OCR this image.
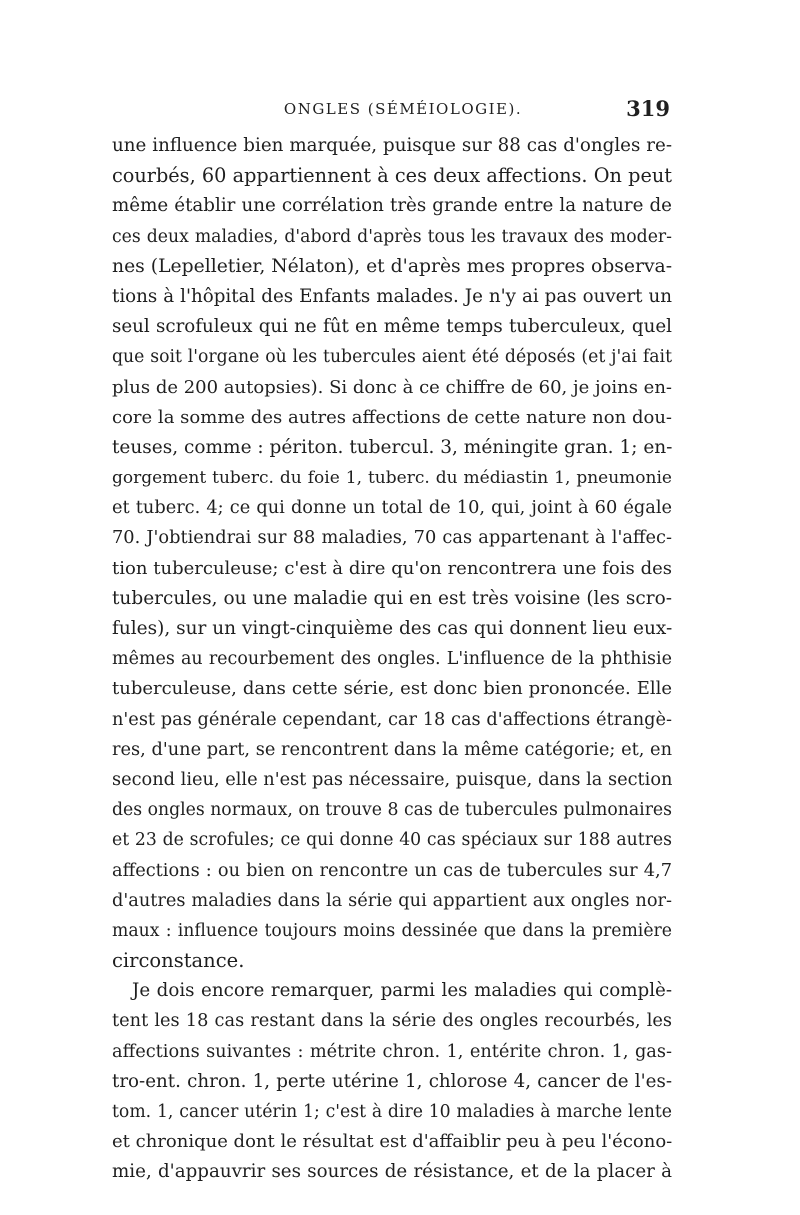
ONGLES (SÉMÉIOLOGIE).	319
une influence bien marquée, puisque sur 88 cas d'ongles re-
courbés, 60 appartiennent à ces deux affections. On peut
même établir une corrélation très grande entre la nature de
ces deux maladies, d'abord d'après tous les travaux des moder-
nes (Lepelletier, Nélaton), et d'après mes propres observa-
tions à l'hôpital des Enfants malades. Je n'y ai pas ouvert un
seul scrofuleux qui ne fût en même temps tuberculeux, quel
que soit l'organe où les tubercules aient été déposés (et j'ai fait
plus de 200 autopsies). Si donc à ce chiffre de 60, je joins en-
core la somme des autres affections de cette nature non dou-
teuses, comme : périton. tubercul. 3, méningite gran. 1; en-
gorgement tuberc. du foie 1, tuberc. du médiastin 1, pneumonie
et tuberc. 4; ce qui donne un total de 10, qui, joint à 60 égale
70. J'obtiendrai sur 88 maladies, 70 cas appartenant à l'affec-
tion tuberculeuse; c'est à dire qu'on rencontrera une fois des
tubercules, ou une maladie qui en est très voisine (les scro-
fules), sur un vingt-cinquième des cas qui donnent lieu eux-
mêmes au recourbement des ongles. L'influence de la phthisie
tuberculeuse, dans cette série, est donc bien prononcée. Elle
n'est pas générale cependant, car 18 cas d'affections étrangè-
res, d'une part, se rencontrent dans la même catégorie; et, en
second lieu, elle n'est pas nécessaire, puisque, dans la section
des ongles normaux, on trouve 8 cas de tubercules pulmonaires
et 23 de scrofules; ce qui donne 40 cas spéciaux sur 188 autres
affections : ou bien on rencontre un cas de tubercules sur 4,7
d'autres maladies dans la série qui appartient aux ongles nor-
maux : influence toujours moins dessinée que dans la première
circonstance.
Je dois encore remarquer, parmi les maladies qui complè-
tent les 18 cas restant dans la série des ongles recourbés, les
affections suivantes : métrite chron. 1, entérite chron. 1, gas-
tro-ent. chron. 1, perte utérine 1, chlorose 4, cancer de l'es-
tom. 1, cancer utérin 1; c'est à dire 10 maladies à marche lente
et chronique dont le résultat est d'affaiblir peu à peu l'écono-
mie, d'appauvrir ses sources de résistance, et de la placer à
